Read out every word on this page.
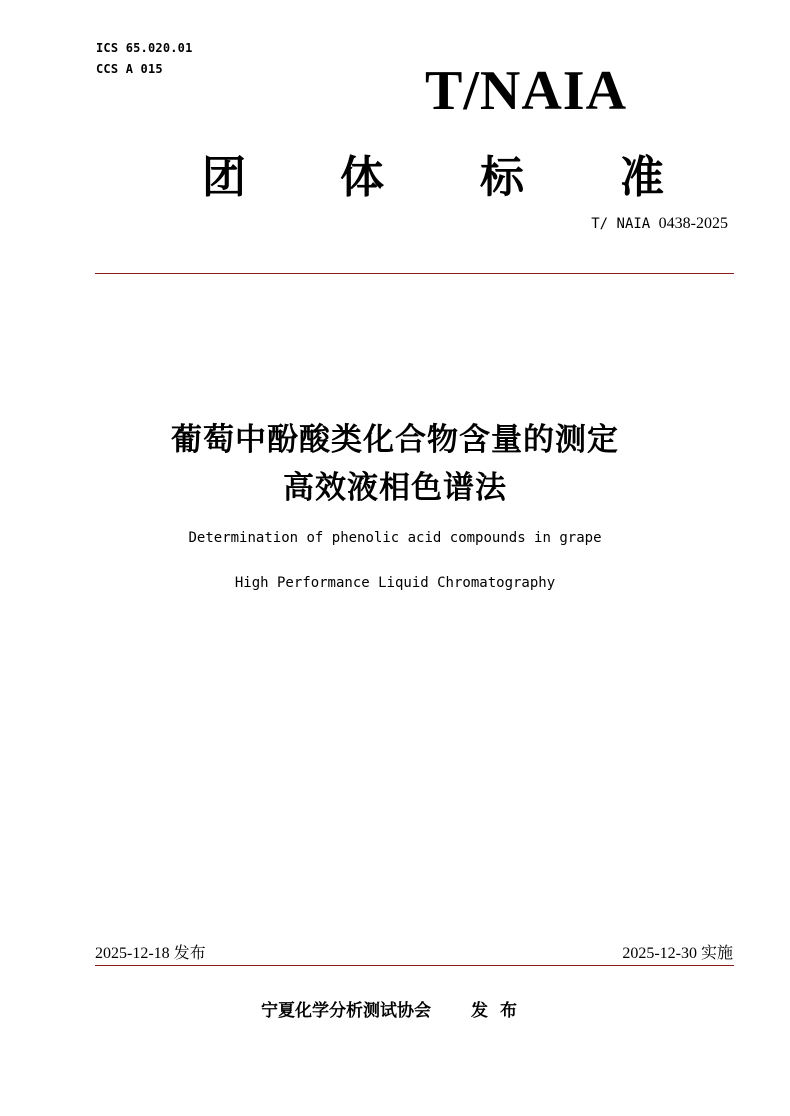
ICS 65.020.01
CCS A 015	T/NAIA
团 体 标 准
T/ NAIA 0438-2025
葡萄中酚酸类化合物含量的测定
高效液相色谱法
Determination of phenolic acid compounds in grape
High Performance Liquid Chromatography
2025-12-18 发布	2025-12-30 实施
宁夏化学分析测试协会 发布
